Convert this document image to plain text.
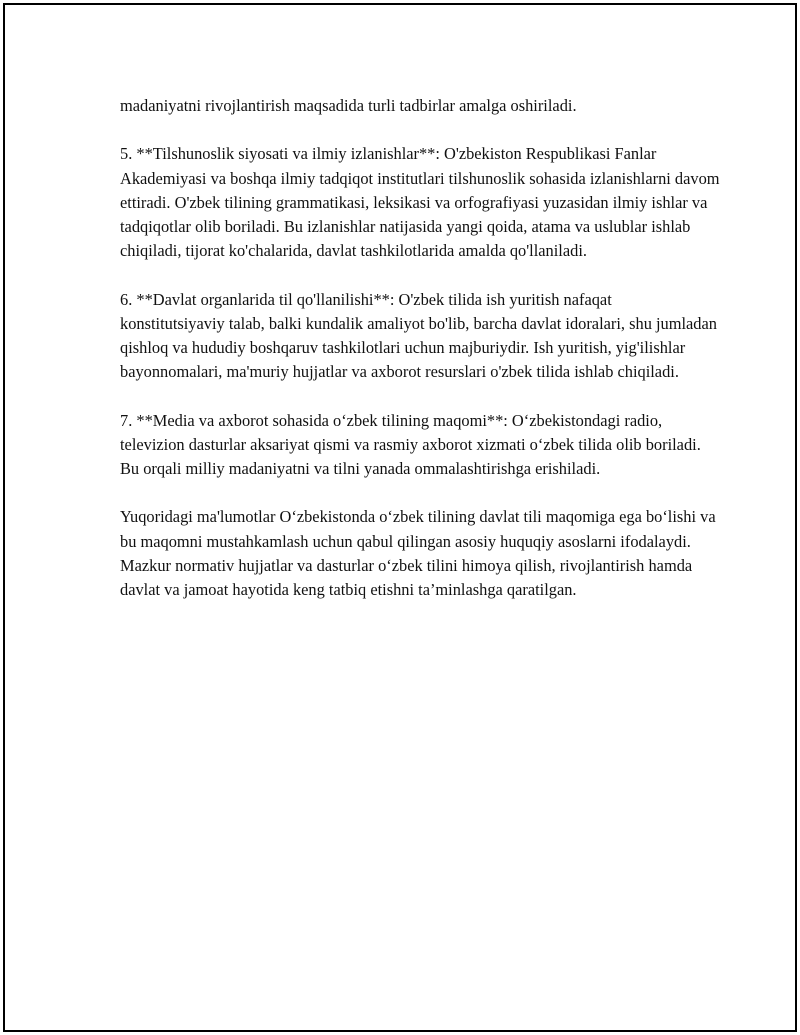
madaniyatni rivojlantirish maqsadida turli tadbirlar amalga oshiriladi.

5. **Tilshunoslik siyosati va ilmiy izlanishlar**: O'zbekiston Respublikasi Fanlar Akademiyasi va boshqa ilmiy tadqiqot institutlari tilshunoslik sohasida izlanishlarni davom ettiradi. O'zbek tilining grammatikasi, leksikasi va orfografiyasi yuzasidan ilmiy ishlar va tadqiqotlar olib boriladi. Bu izlanishlar natijasida yangi qoida, atama va uslublar ishlab chiqiladi, tijorat ko'chalarida, davlat tashkilotlarida amalda qo'llaniladi.

6. **Davlat organlarida til qo'llanilishi**: O'zbek tilida ish yuritish nafaqat konstitutsiyaviy talab, balki kundalik amaliyot bo'lib, barcha davlat idoralari, shu jumladan qishloq va hududiy boshqaruv tashkilotlari uchun majburiydir. Ish yuritish, yig'ilishlar bayonnomalari, ma'muriy hujjatlar va axborot resurslari o'zbek tilida ishlab chiqiladi.

7. **Media va axborot sohasida o‘zbek tilining maqomi**: O‘zbekistondagi radio, televizion dasturlar aksariyat qismi va rasmiy axborot xizmati o‘zbek tilida olib boriladi. Bu orqali milliy madaniyatni va tilni yanada ommalashtirishga erishiladi.

Yuqoridagi ma'lumotlar O‘zbekistonda o‘zbek tilining davlat tili maqomiga ega bo‘lishi va bu maqomni mustahkamlash uchun qabul qilingan asosiy huquqiy asoslarni ifodalaydi. Mazkur normativ hujjatlar va dasturlar o‘zbek tilini himoya qilish, rivojlantirish hamda davlat va jamoat hayotida keng tatbiq etishni ta’minlashga qaratilgan.
